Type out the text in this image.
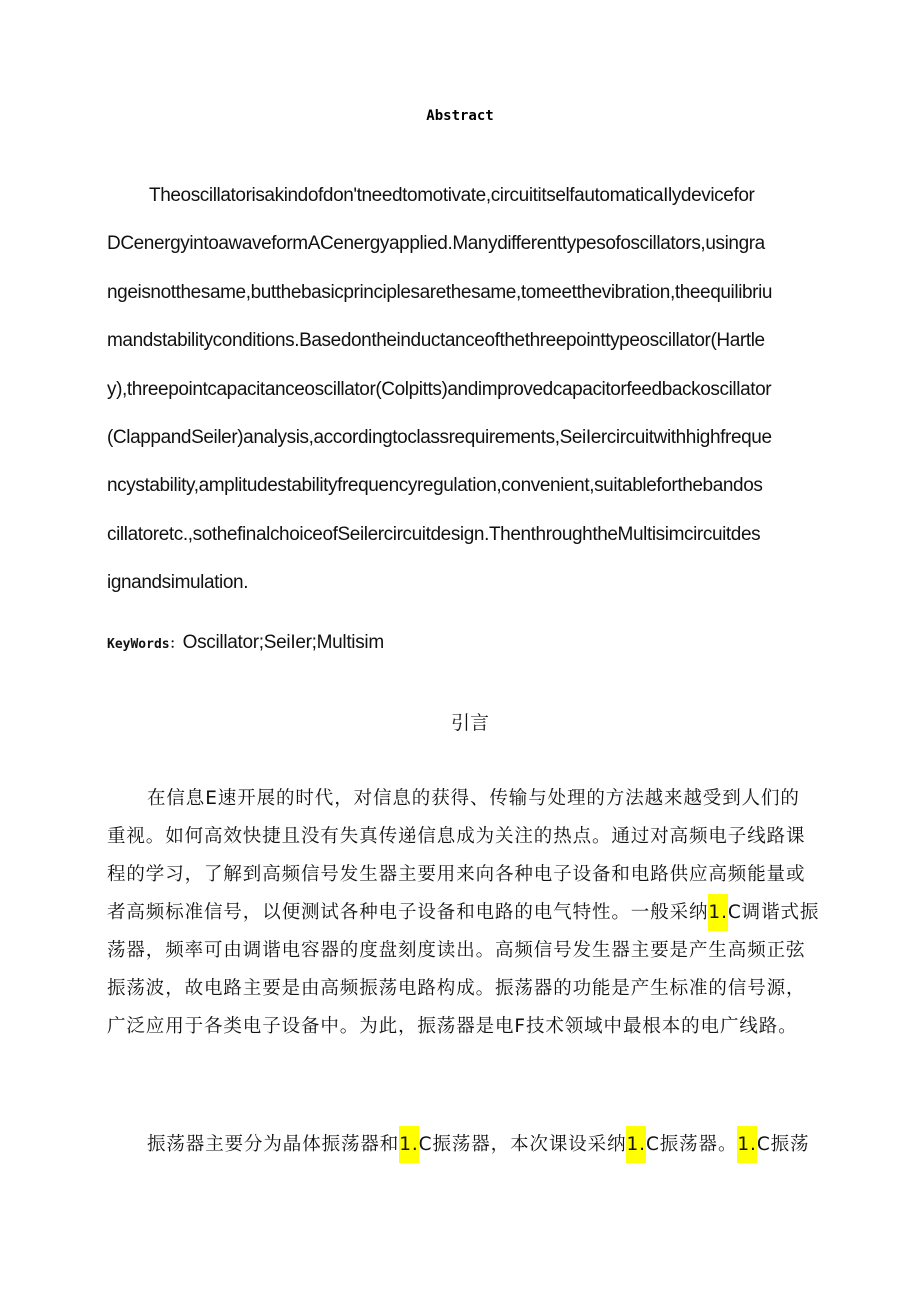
Abstract
Theoscillatorisakindofdon'tneedtomotivate,circuititselfautomaticaIlydevicefor
DCenergyintoawaveformACenergyapplied.Manydifferenttypesofoscillators,usingra
ngeisnotthesame,butthebasicprinciplesarethesame,tomeetthevibration,theequilibriu
mandstabilityconditions.Basedontheinductanceofthethreepointtypeoscillator(Hartle
y),threepointcapacitanceoscillator(Colpitts)andimprovedcapacitorfeedbackoscillator
(ClappandSeiler)analysis,accordingtoclassrequirements,SeiIercircuitwithhighfreque
ncystability,amplitudestabilityfrequencyregulation,convenient,suitableforthebandos
cillatoretc.,sothefinalchoiceofSeilercircuitdesign.ThenthroughtheMultisimcircuitdes
ignandsimulation.
KeyWords：Oscillator;SeiIer;Multisim
引言
在信息E速开展的时代，对信息的获得、传输与处理的方法越来越受到人们的
重视。如何高效快捷且没有失真传递信息成为关注的热点。通过对高频电子线路课
程的学习，了解到高频信号发生器主要用来向各种电子设备和电路供应高频能量或
者高频标准信号，以便测试各种电子设备和电路的电气特性。一般采纳1.C调谐式振
荡器，频率可由调谐电容器的度盘刻度读出。高频信号发生器主要是产生高频正弦
振荡波，故电路主要是由高频振荡电路构成。振荡器的功能是产生标准的信号源，
广泛应用于各类电子设备中。为此，振荡器是电F技术领域中最根本的电广线路。
振荡器主要分为晶体振荡器和1.C振荡器，本次课设采纳1.C振荡器。1.C振荡
